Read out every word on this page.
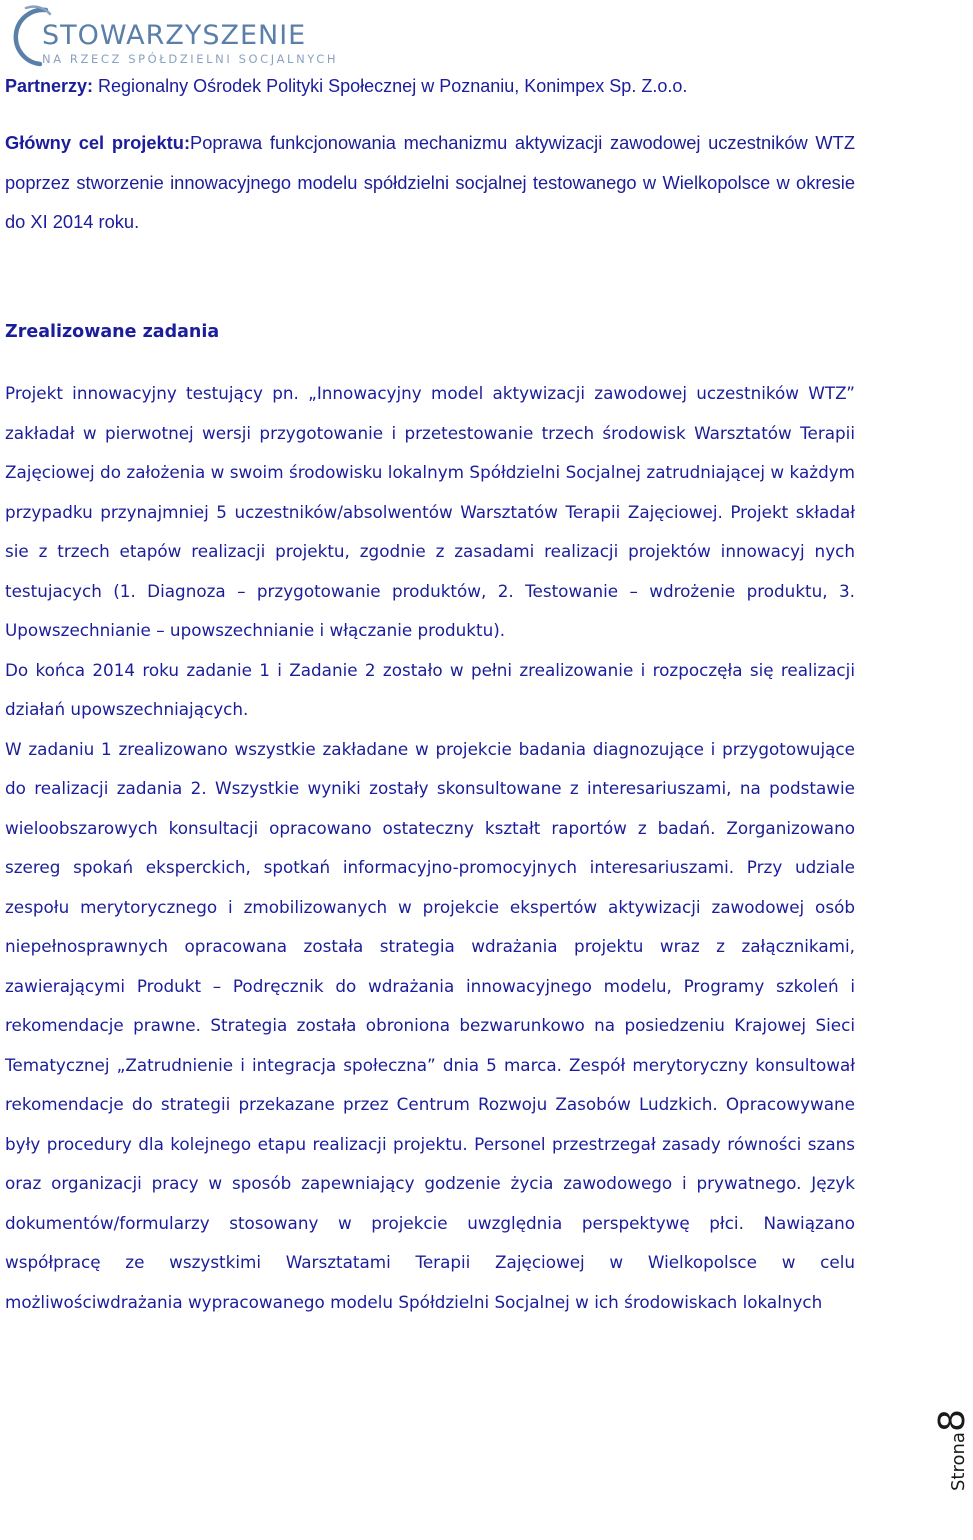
STOWARZYSZENIE
NA RZECZ SPÓŁDZIELNI SOCJALNYCH
Partnerzy: Regionalny Ośrodek Polityki Społecznej w Poznaniu, Konimpex Sp. Z.o.o.
Główny cel projektu:Poprawa funkcjonowania mechanizmu aktywizacji zawodowej uczestników WTZ poprzez stworzenie innowacyjnego modelu spółdzielni socjalnej testowanego w Wielkopolsce w okresie do XI 2014 roku.
Zrealizowane zadania

Projekt innowacyjny testujący pn. „Innowacyjny model aktywizacji zawodowej uczestników WTZ” zakładał w pierwotnej wersji przygotowanie i przetestowanie trzech środowisk Warsztatów Terapii Zajęciowej do założenia w swoim środowisku lokalnym Spółdzielni Socjalnej zatrudniającej w każdym przypadku przynajmniej 5 uczestników/absolwentów Warsztatów Terapii Zajęciowej. Projekt składał sie z trzech etapów realizacji projektu, zgodnie z zasadami realizacji projektów innowacyj nych testujacych (1. Diagnoza – przygotowanie produktów, 2. Testowanie – wdrożenie produktu, 3. Upowszechnianie – upowszechnianie i włączanie produktu).

Do końca 2014 roku zadanie 1 i Zadanie 2 zostało w pełni zrealizowanie i rozpoczęła się realizacji działań upowszechniających.

W zadaniu 1 zrealizowano wszystkie zakładane w projekcie badania diagnozujące i przygotowujące do realizacji zadania 2. Wszystkie wyniki zostały skonsultowane z interesariuszami, na podstawie wieloobszarowych konsultacji opracowano ostateczny kształt raportów z badań. Zorganizowano szereg spokań eksperckich, spotkań informacyjno-promocyjnych interesariuszami. Przy udziale zespołu merytorycznego i zmobilizowanych w projekcie ekspertów aktywizacji zawodowej osób niepełnosprawnych opracowana została strategia wdrażania projektu wraz z załącznikami, zawierającymi Produkt – Podręcznik do wdrażania innowacyjnego modelu, Programy szkoleń i rekomendacje prawne. Strategia została obroniona bezwarunkowo na posiedzeniu Krajowej Sieci Tematycznej „Zatrudnienie i integracja społeczna” dnia 5 marca. Zespół merytoryczny konsultował rekomendacje do strategii przekazane przez Centrum Rozwoju Zasobów Ludzkich. Opracowywane były procedury dla kolejnego etapu realizacji projektu. Personel przestrzegał zasady równości szans oraz organizacji pracy w sposób zapewniający godzenie życia zawodowego i prywatnego. Język dokumentów/formularzy stosowany w projekcie uwzględnia perspektywę płci. Nawiązano współpracę ze wszystkimi Warsztatami Terapii Zajęciowej w Wielkopolsce w celu możliwościwdrażania wypracowanego modelu Spółdzielni Socjalnej w ich środowiskach lokalnych

Strona8
